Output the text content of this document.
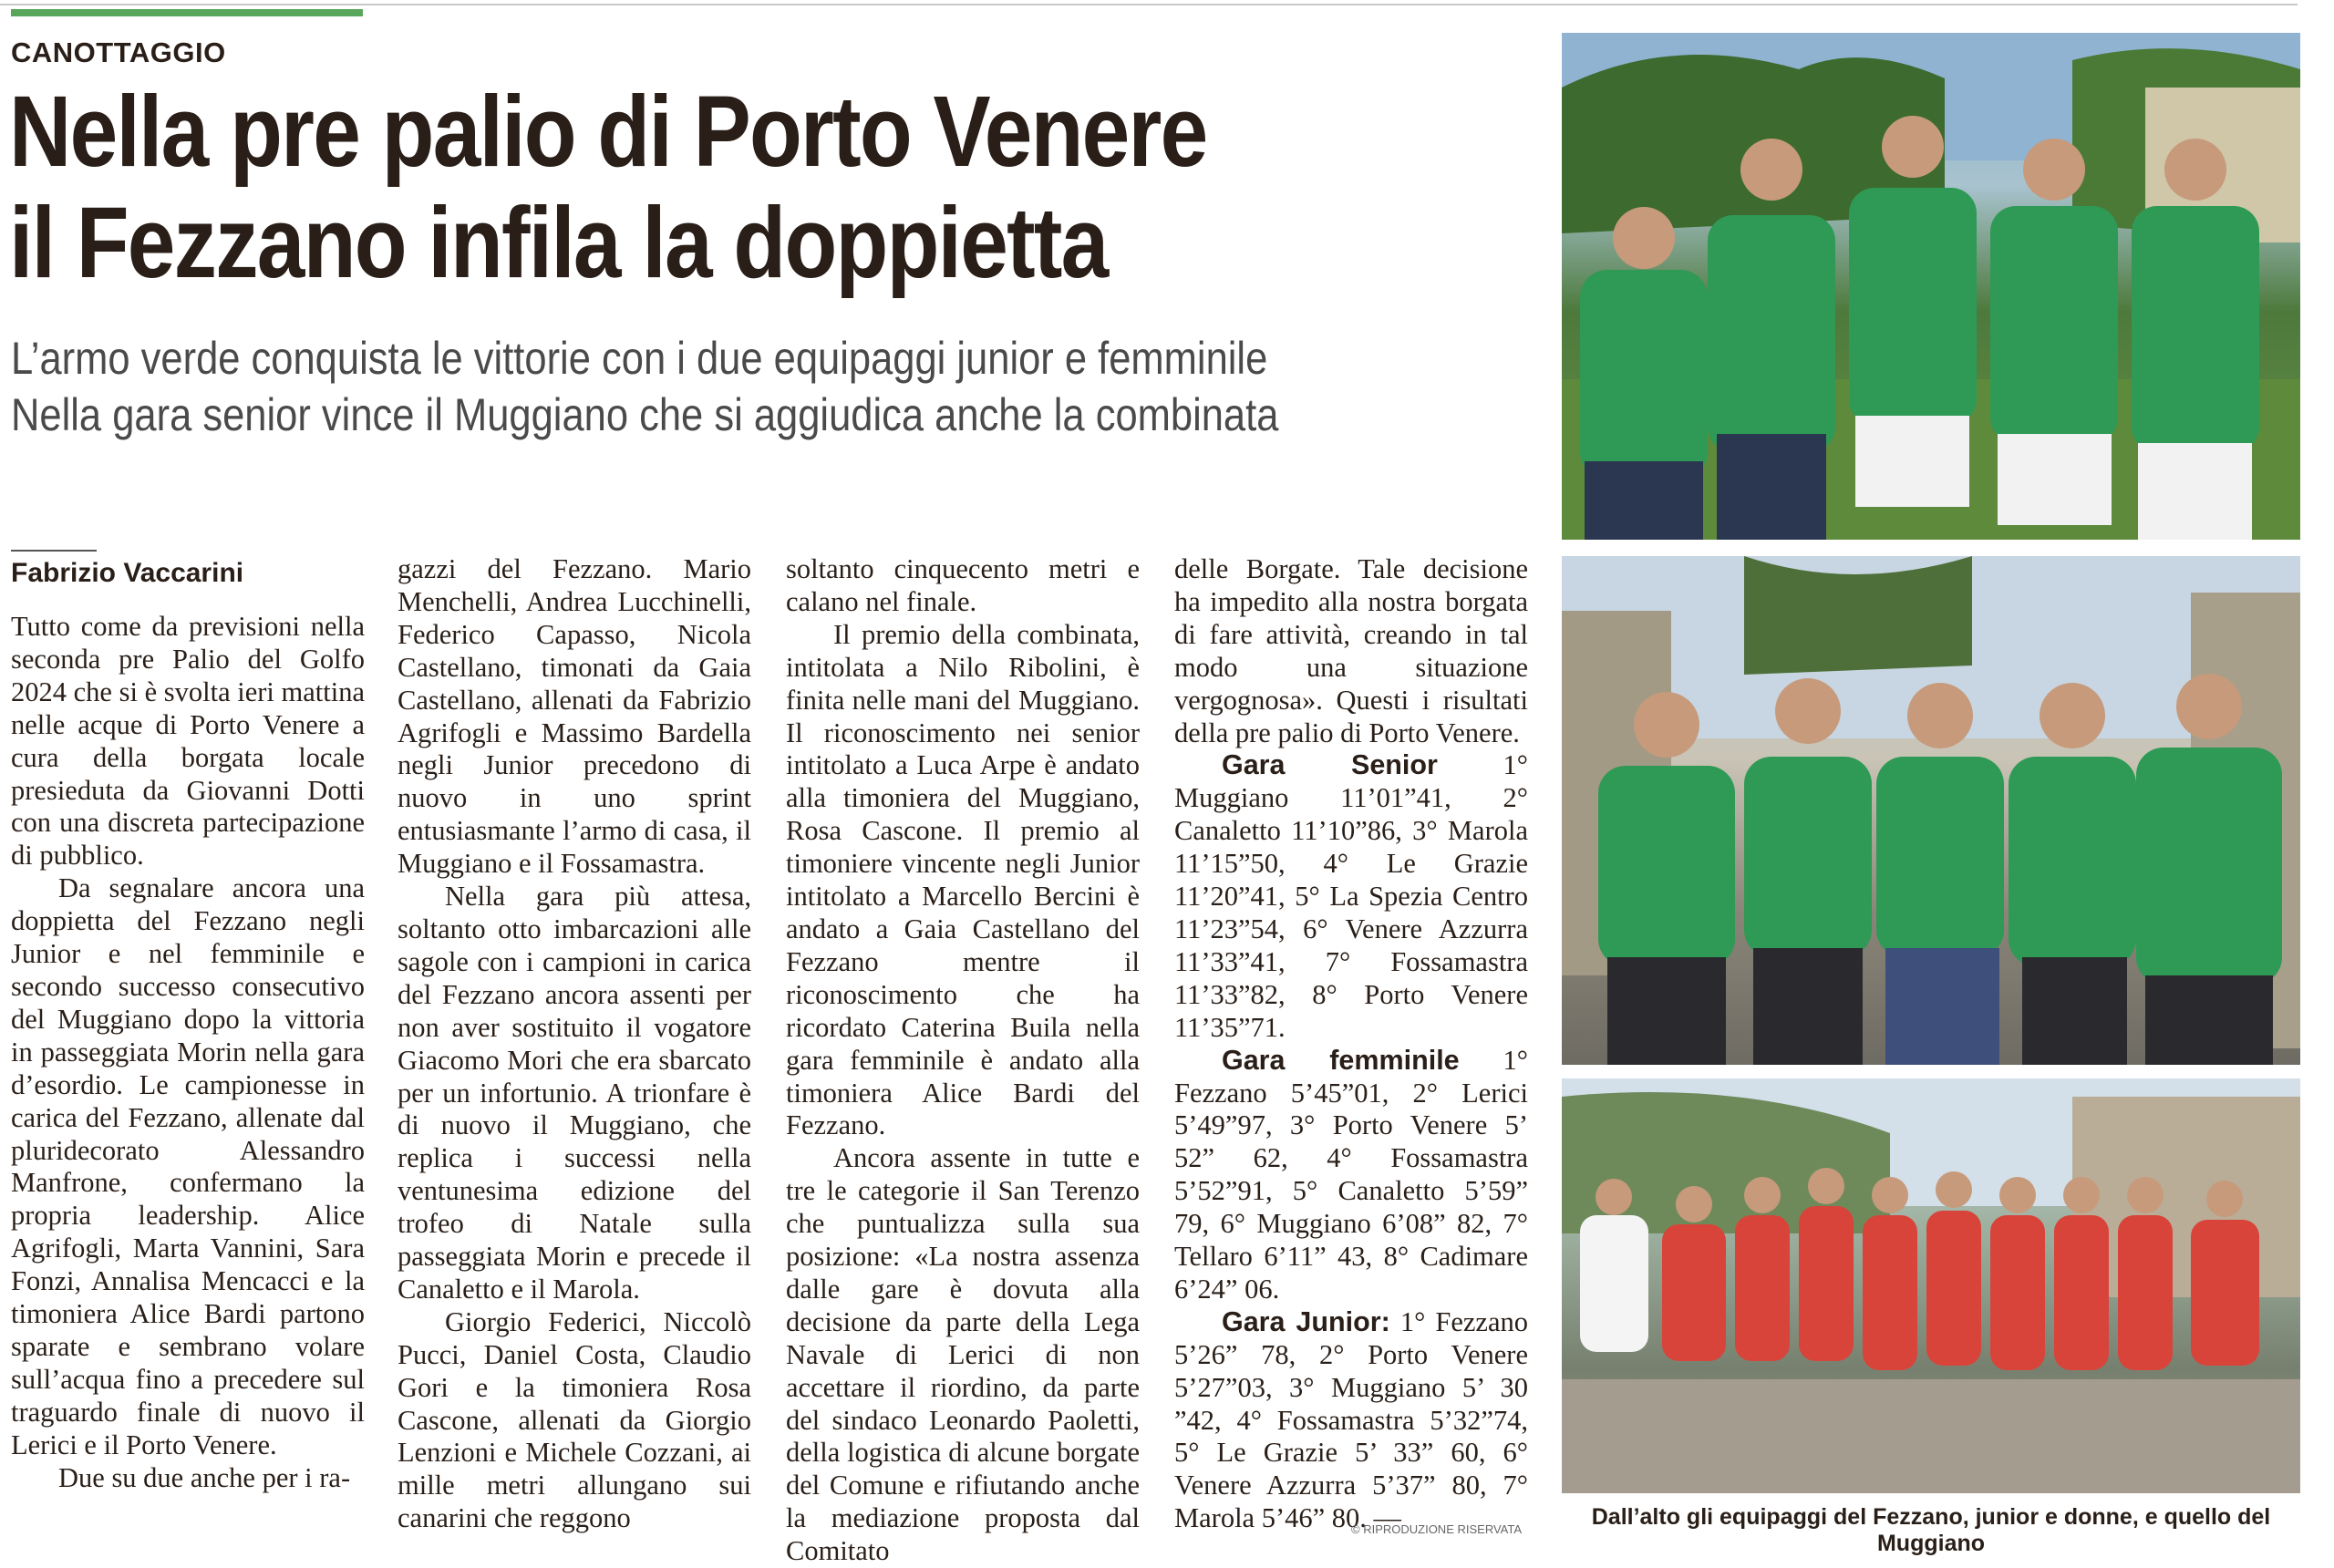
CANOTTAGGIO
Nella pre palio di Porto Venere
il Fezzano infila la doppietta
L’armo verde conquista le vittorie con i due equipaggi junior e femminile
Nella gara senior vince il Muggiano che si aggiudica anche la combinata
Fabrizio Vaccarini

Tutto come da previsioni nella seconda pre Palio del Golfo 2024 che si è svolta ieri mattina nelle acque di Porto Venere a cura della borgata locale presieduta da Giovanni Dotti con una discreta partecipazione di pubblico.

Da segnalare ancora una doppietta del Fezzano negli Junior e nel femminile e secondo successo consecutivo del Muggiano dopo la vittoria in passeggiata Morin nella gara d’esordio. Le campionesse in carica del Fezzano, allenate dal pluridecorato Alessandro Manfrone, confermano la propria leadership. Alice Agrifogli, Marta Vannini, Sara Fonzi, Annalisa Mencacci e la timoniera Alice Bardi partono sparate e sembrano volare sull’acqua fino a precedere sul traguardo finale di nuovo il Lerici e il Porto Venere.

Due su due anche per i ra-

gazzi del Fezzano. Mario Menchelli, Andrea Lucchinelli, Federico Capasso, Nicola Castellano, timonati da Gaia Castellano, allenati da Fabrizio Agrifogli e Massimo Bardella negli Junior precedono di nuovo in uno sprint entusiasmante l’armo di casa, il Muggiano e il Fossamastra.

Nella gara più attesa, soltanto otto imbarcazioni alle sagole con i campioni in carica del Fezzano ancora assenti per non aver sostituito il vogatore Giacomo Mori che era sbarcato per un infortunio. A trionfare è di nuovo il Muggiano, che replica i successi nella ventunesima edizione del trofeo di Natale sulla passeggiata Morin e precede il Canaletto e il Marola.

Giorgio Federici, Niccolò Pucci, Daniel Costa, Claudio Gori e la timoniera Rosa Cascone, allenati da Giorgio Lenzioni e Michele Cozzani, ai mille metri allungano sui canarini che reggono

soltanto cinquecento metri e calano nel finale.

Il premio della combinata, intitolata a Nilo Ribolini, è finita nelle mani del Muggiano. Il riconoscimento nei senior intitolato a Luca Arpe è andato alla timoniera del Muggiano, Rosa Cascone. Il premio al timoniere vincente negli Junior intitolato a Marcello Bercini è andato a Gaia Castellano del Fezzano mentre il riconoscimento che ha ricordato Caterina Buila nella gara femminile è andato alla timoniera Alice Bardi del Fezzano.

Ancora assente in tutte e tre le categorie il San Terenzo che puntualizza sulla sua posizione: «La nostra assenza dalle gare è dovuta alla decisione da parte della Lega Navale di Lerici di non accettare il riordino, da parte del sindaco Leonardo Paoletti, della logistica di alcune borgate del Comune e rifiutando anche la mediazione proposta dal Comitato

delle Borgate. Tale decisione ha impedito alla nostra borgata di fare attività, creando in tal modo una situazione vergognosa». Questi i risultati della pre palio di Porto Venere.

Gara Senior 1° Muggiano 11’01”41, 2° Canaletto 11’10”86, 3° Marola 11’15”50, 4° Le Grazie 11’20”41, 5° La Spezia Centro 11’23”54, 6° Venere Azzurra 11’33”41, 7° Fossamastra 11’33”82, 8° Porto Venere 11’35”71.

Gara femminile 1° Fezzano 5’45”01, 2° Lerici 5’49”97, 3° Porto Venere 5’ 52” 62, 4° Fossamastra 5’52”91, 5° Canaletto 5’59” 79, 6° Muggiano 6’08” 82, 7° Tellaro 6’11” 43, 8° Cadimare 6’24” 06.

Gara Junior: 1° Fezzano 5’26” 78, 2° Porto Venere 5’27”03, 3° Muggiano 5’ 30 ”42, 4° Fossamastra 5’32”74, 5° Le Grazie 5’ 33” 60, 6° Venere Azzurra 5’37” 80, 7° Marola 5’46” 80. —

© RIPRODUZIONE RISERVATA	Dall’alto gli equipaggi del Fezzano, junior e donne, e quello del Muggiano
